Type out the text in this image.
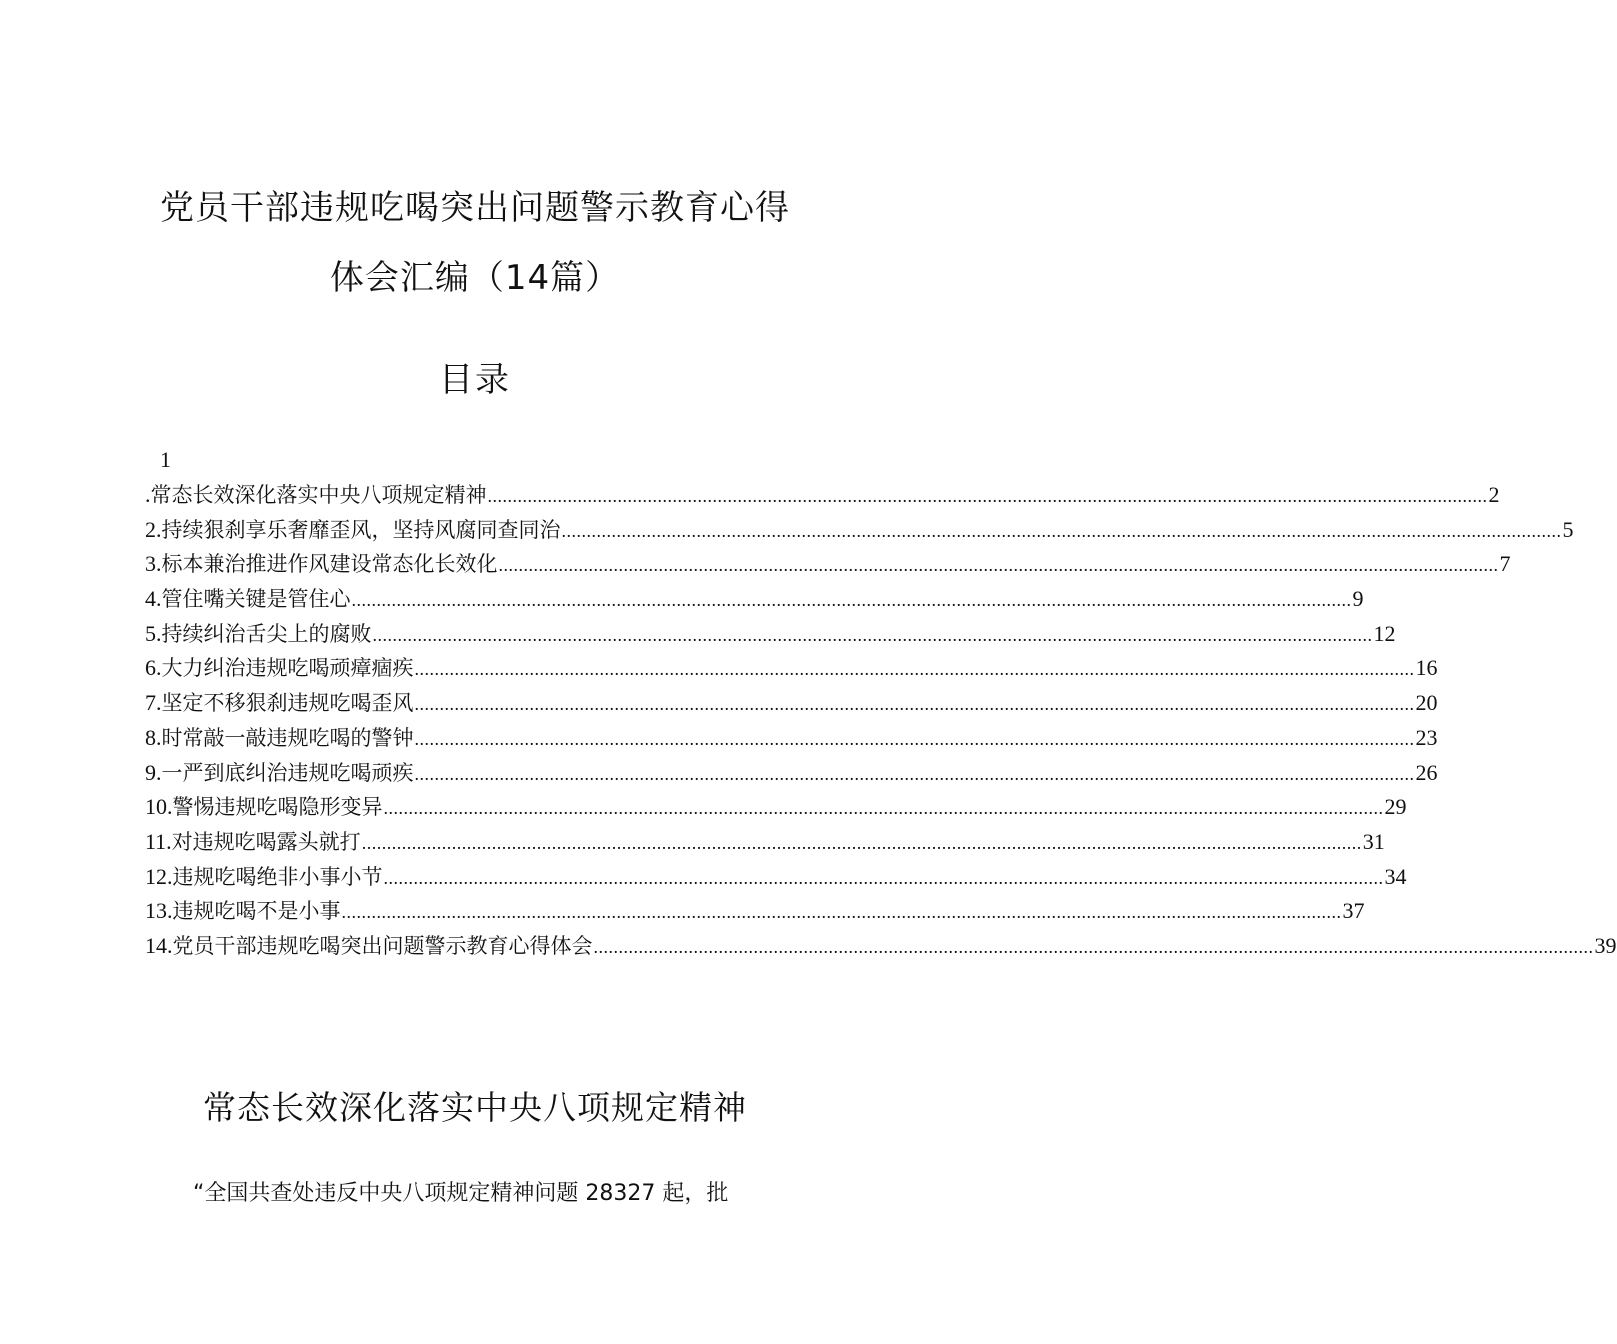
党员干部违规吃喝突出问题警示教育心得
体会汇编（14篇）
目录
1
. 常态长效深化落实中央八项规定精神 ........................................................................................................................................................................................................ 2
2. 持续狠刹享乐奢靡歪风，坚持风腐同查同治 ........................................................................................................................................................................................................ 5
3. 标本兼治推进作风建设常态化长效化 ........................................................................................................................................................................................................ 7
4. 管住嘴关键是管住心 ........................................................................................................................................................................................................ 9
5. 持续纠治舌尖上的腐败 ........................................................................................................................................................................................................ 12
6. 大力纠治违规吃喝顽瘴痼疾 ........................................................................................................................................................................................................ 16
7. 坚定不移狠刹违规吃喝歪风 ........................................................................................................................................................................................................ 20
8. 时常敲一敲违规吃喝的警钟 ........................................................................................................................................................................................................ 23
9. 一严到底纠治违规吃喝顽疾 ........................................................................................................................................................................................................ 26
10. 警惕违规吃喝隐形变异 ........................................................................................................................................................................................................ 29
11. 对违规吃喝露头就打 ........................................................................................................................................................................................................ 31
12. 违规吃喝绝非小事小节 ........................................................................................................................................................................................................ 34
13. 违规吃喝不是小事 ........................................................................................................................................................................................................ 37
14. 党员干部违规吃喝突出问题警示教育心得体会 ........................................................................................................................................................................................................ 39
常态长效深化落实中央八项规定精神
“全国共查处违反中央八项规定精神问题 28327 起，批
